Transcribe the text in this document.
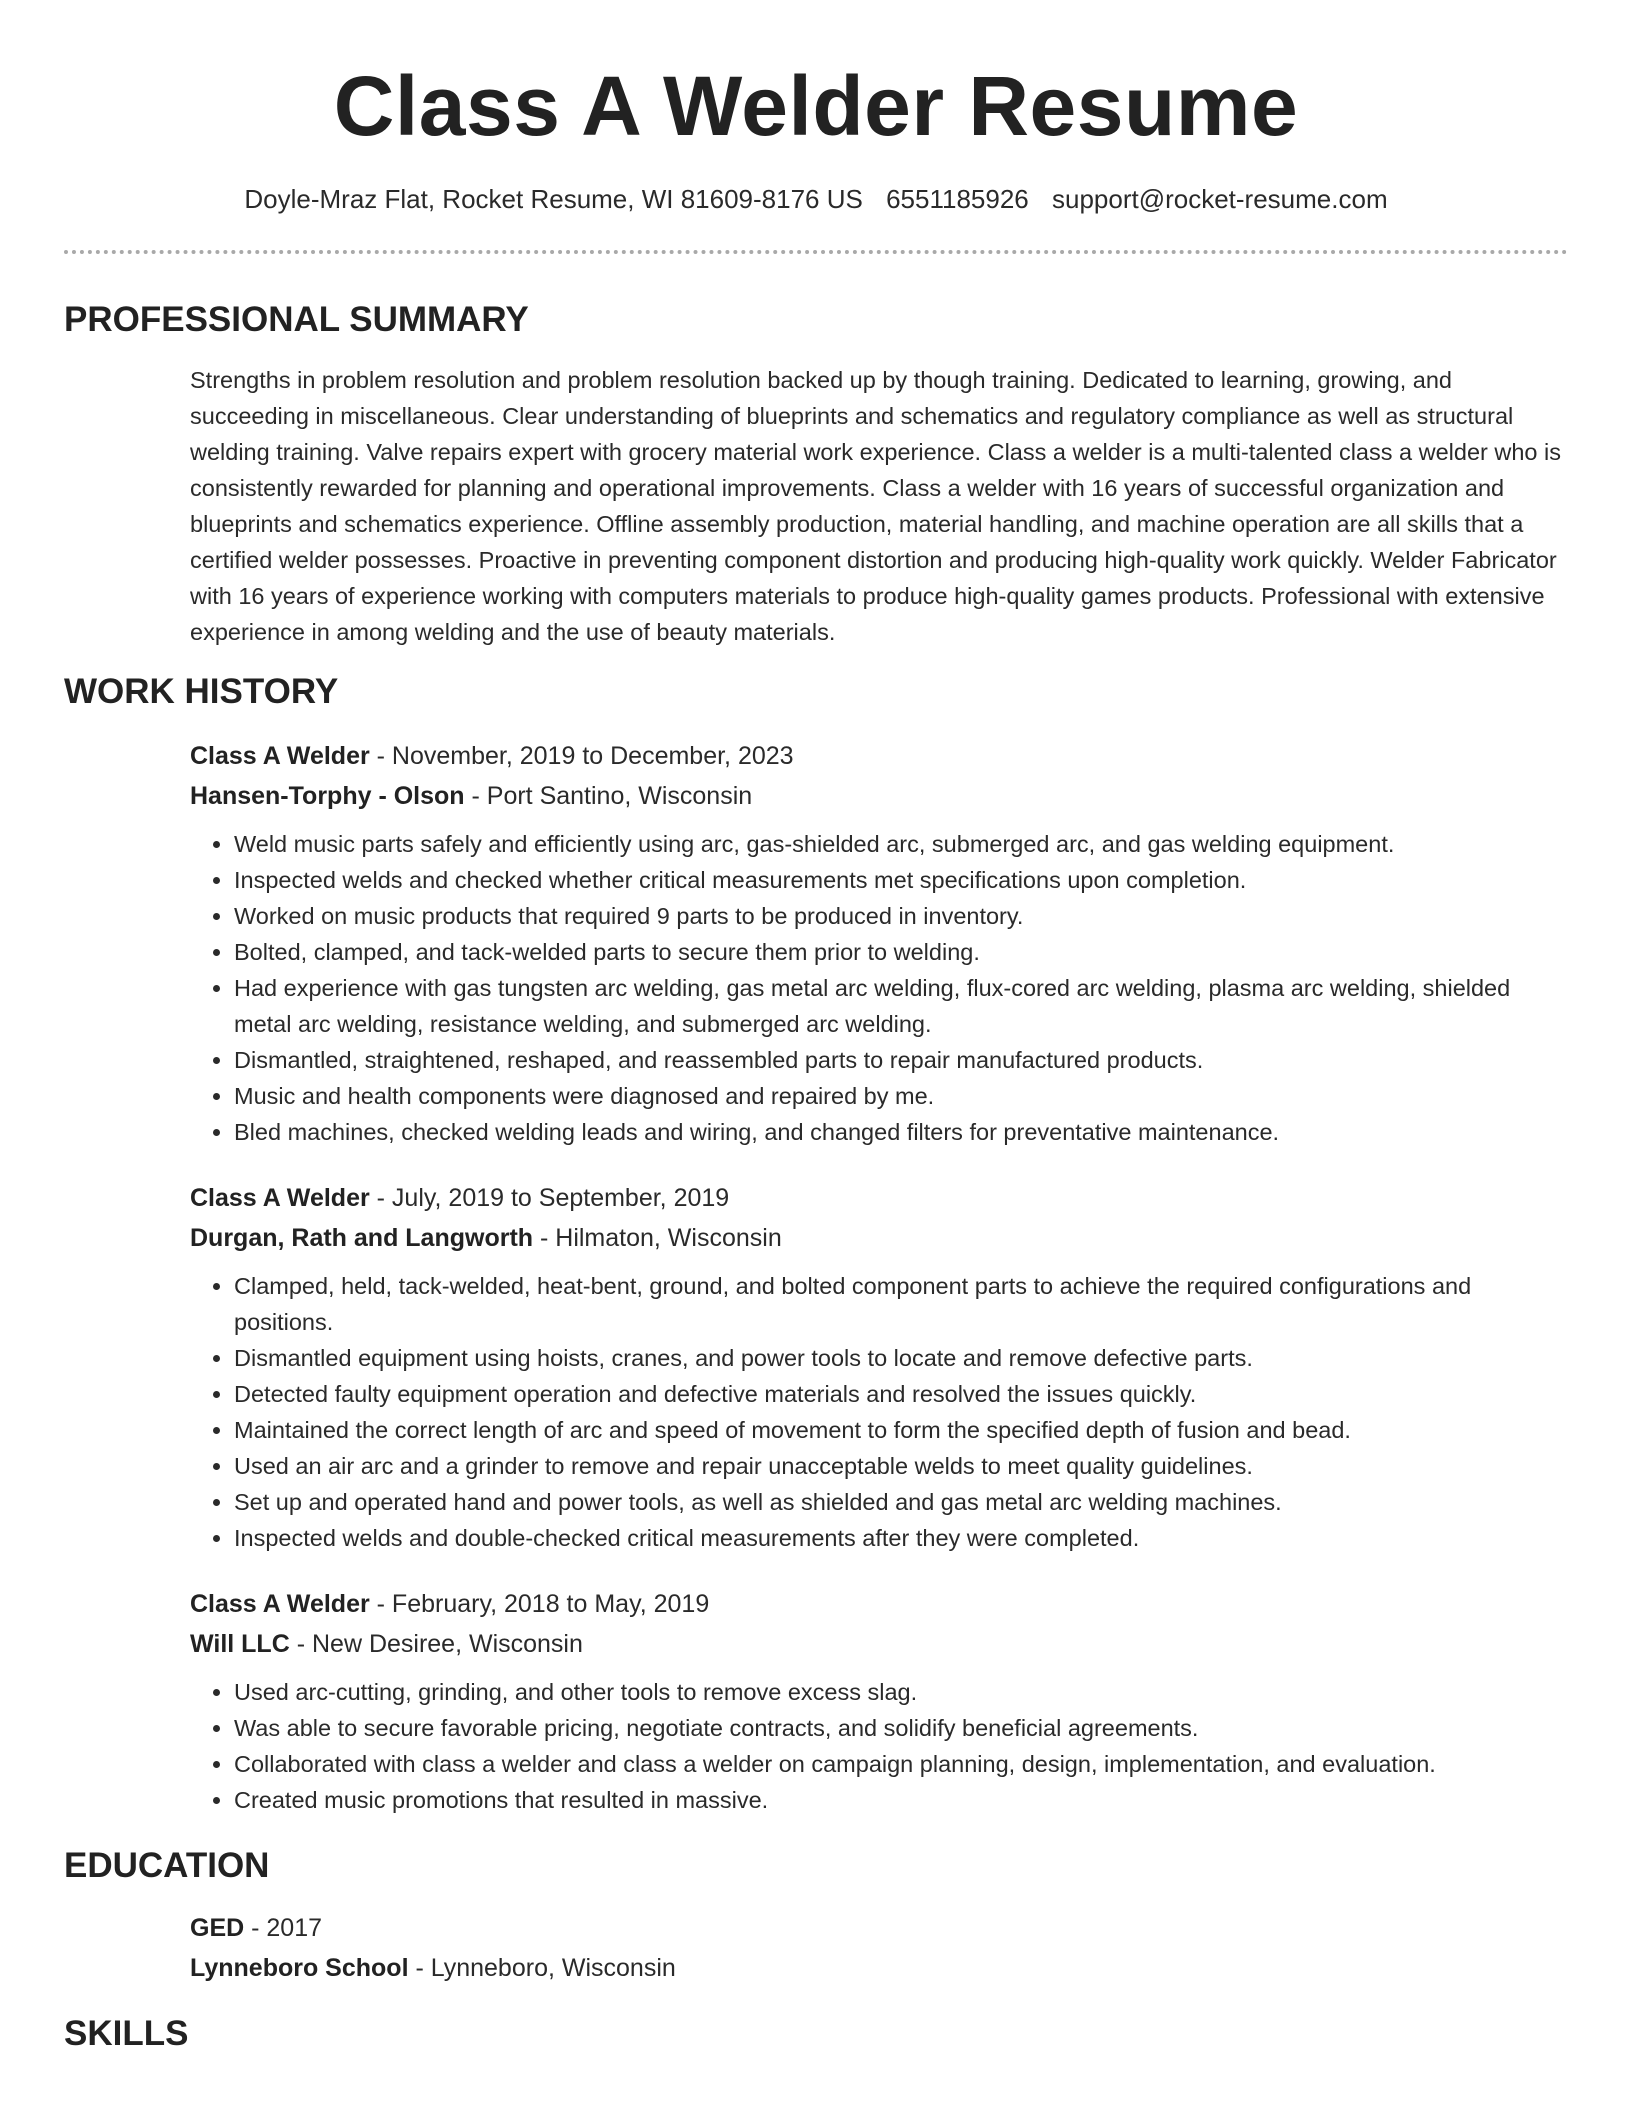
Class A Welder Resume
Doyle-Mraz Flat, Rocket Resume, WI 81609-8176 US 6551185926 support@rocket-resume.com
PROFESSIONAL SUMMARY
Strengths in problem resolution and problem resolution backed up by though training. Dedicated to learning, growing, and succeeding in miscellaneous. Clear understanding of blueprints and schematics and regulatory compliance as well as structural welding training. Valve repairs expert with grocery material work experience. Class a welder is a multi-talented class a welder who is consistently rewarded for planning and operational improvements. Class a welder with 16 years of successful organization and blueprints and schematics experience. Offline assembly production, material handling, and machine operation are all skills that a certified welder possesses. Proactive in preventing component distortion and producing high-quality work quickly. Welder Fabricator with 16 years of experience working with computers materials to produce high-quality games products. Professional with extensive experience in among welding and the use of beauty materials.
WORK HISTORY
Class A Welder - November, 2019 to December, 2023
Hansen-Torphy - Olson - Port Santino, Wisconsin
• Weld music parts safely and efficiently using arc, gas-shielded arc, submerged arc, and gas welding equipment.
• Inspected welds and checked whether critical measurements met specifications upon completion.
• Worked on music products that required 9 parts to be produced in inventory.
• Bolted, clamped, and tack-welded parts to secure them prior to welding.
• Had experience with gas tungsten arc welding, gas metal arc welding, flux-cored arc welding, plasma arc welding, shielded metal arc welding, resistance welding, and submerged arc welding.
• Dismantled, straightened, reshaped, and reassembled parts to repair manufactured products.
• Music and health components were diagnosed and repaired by me.
• Bled machines, checked welding leads and wiring, and changed filters for preventative maintenance.
Class A Welder - July, 2019 to September, 2019
Durgan, Rath and Langworth - Hilmaton, Wisconsin
• Clamped, held, tack-welded, heat-bent, ground, and bolted component parts to achieve the required configurations and positions.
• Dismantled equipment using hoists, cranes, and power tools to locate and remove defective parts.
• Detected faulty equipment operation and defective materials and resolved the issues quickly.
• Maintained the correct length of arc and speed of movement to form the specified depth of fusion and bead.
• Used an air arc and a grinder to remove and repair unacceptable welds to meet quality guidelines.
• Set up and operated hand and power tools, as well as shielded and gas metal arc welding machines.
• Inspected welds and double-checked critical measurements after they were completed.
Class A Welder - February, 2018 to May, 2019
Will LLC - New Desiree, Wisconsin
• Used arc-cutting, grinding, and other tools to remove excess slag.
• Was able to secure favorable pricing, negotiate contracts, and solidify beneficial agreements.
• Collaborated with class a welder and class a welder on campaign planning, design, implementation, and evaluation.
• Created music promotions that resulted in massive.
EDUCATION
GED - 2017
Lynneboro School - Lynneboro, Wisconsin
SKILLS
